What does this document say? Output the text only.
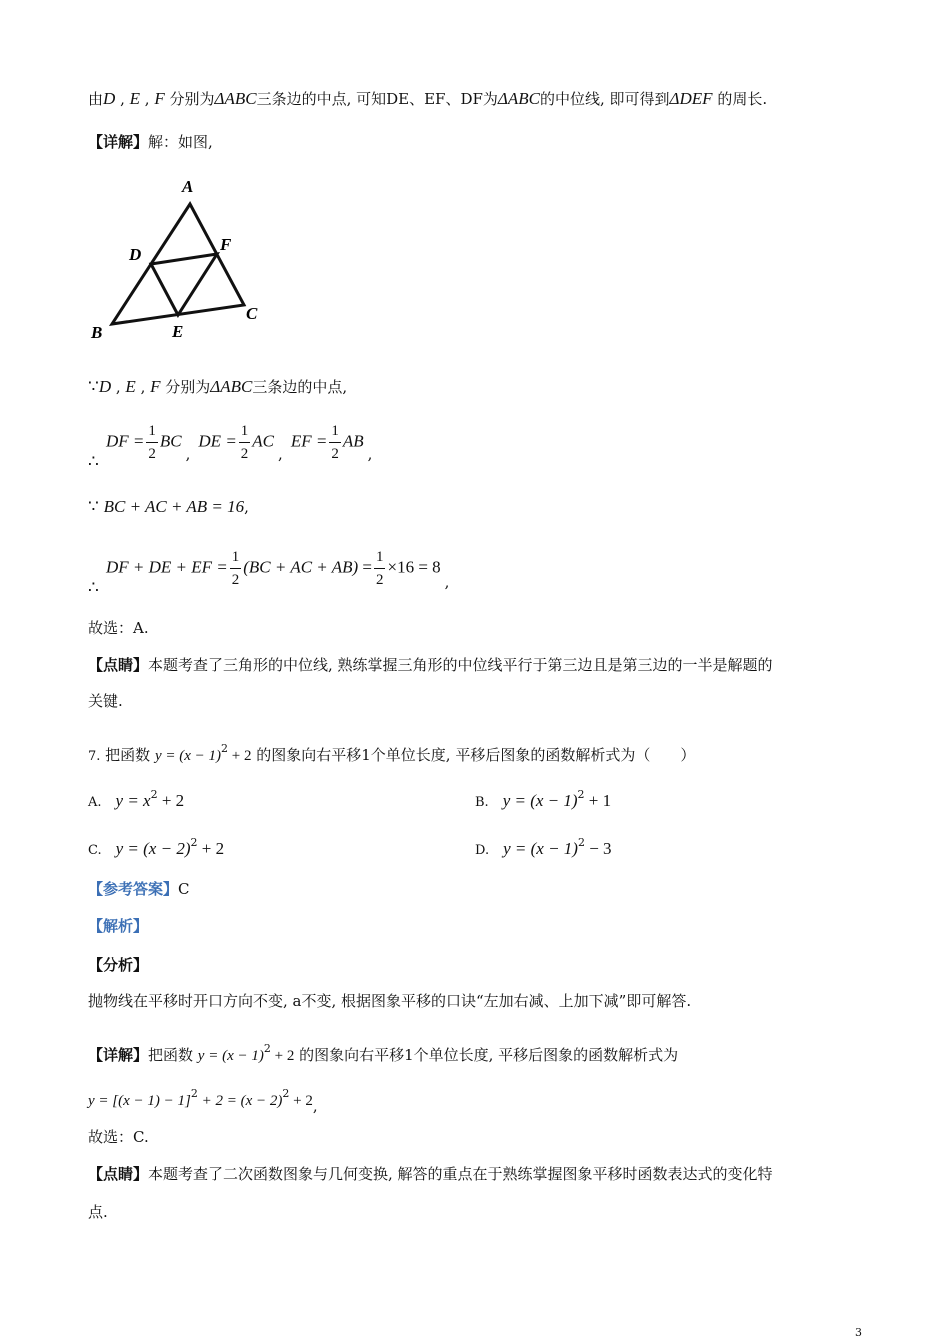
由D , E , F 分别为ΔABC三条边的中点, 可知DE、EF、DF为ΔABC的中位线, 即可得到ΔDEF 的周长.
【详解】解：如图,
A
D
F
C
B	E
∵D , E , F 分别为ΔABC三条边的中点,
∴
DF = $\frac{1}{2} BC,DE = \frac{1}{2} AC,EF = \frac{1}{2}$ AB,
∵ BC + AC + AB = 16,
∴
DF + DE + EF = $\frac{1}{2} (BC$ + AC + $AB) = \frac{1}{2} \times 16 = 8$,
故选：A.
【点睛】本题考查了三角形的中位线, 熟练掌握三角形的中位线平行于第三边且是第三边的一半是解题的
关键.
7. 把函数 $y = (x - 1)^2 + 2$ 的图象向右平移1个单位长度, 平移后图象的函数解析式为（　　）
A. $y = x^2 + 2$	B. $y = (x - 1)^2 + 1$
C. $y = (x - 2)^2 + 2$	D. $y = (x - 1)^2 - 3$
【参考答案】C
【解析】
【分析】
抛物线在平移时开口方向不变, a不变, 根据图象平移的口诀“左加右减、上加下减”即可解答.
【详解】把函数 $y = (x - 1)^2 + 2$ 的图象向右平移1个单位长度, 平移后图象的函数解析式为
$y = [(x - 1) - 1]^2 + 2 = (x - 2)^2 + 2$,
故选：C.
【点睛】本题考查了二次函数图象与几何变换, 解答的重点在于熟练掌握图象平移时函数表达式的变化特
点.
3
